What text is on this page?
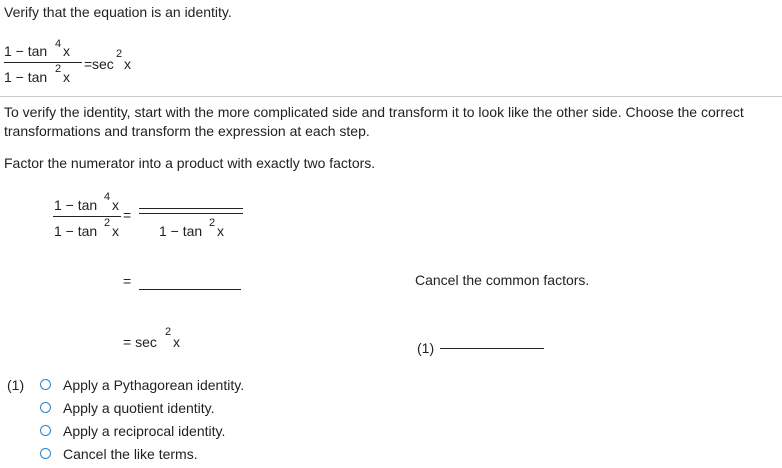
Verify that the equation is an identity.
1 − tan 4 x
1 − tan 2 x
= sec
2
x
To verify the identity, start with the more complicated side and transform it to look like the other side. Choose the correct
transformations and transform the expression at each step.
Factor the numerator into a product with exactly two factors.
1 − tan 4 x
1 − tan 2 x
=
1 − tan 2 x
=	Cancel the common factors.
= sec
2
x	(1)
(1)	Apply a Pythagorean identity.
Apply a quotient identity.
Apply a reciprocal identity.
Cancel the like terms.
